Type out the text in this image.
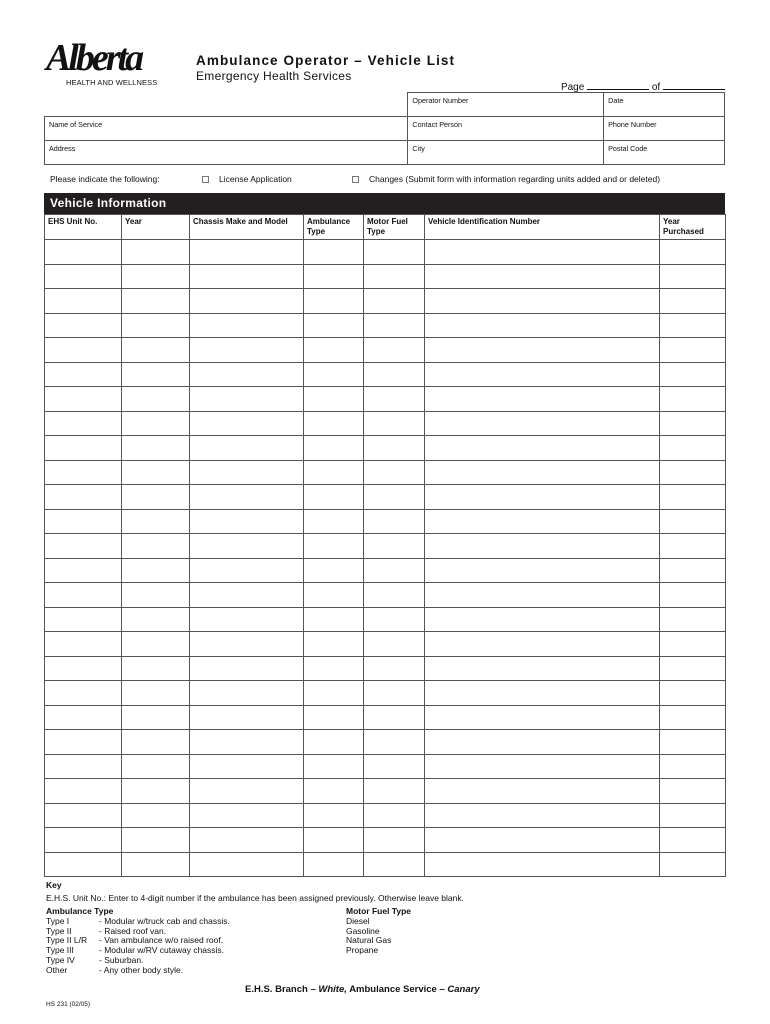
Alberta
HEALTH AND WELLNESS
Ambulance Operator – Vehicle List
Emergency Health Services
Page	of
	Operator Number	Date
Name of Service	Contact Person	Phone Number
Address	City	Postal Code
Please indicate the following:	License Application	Changes (Submit form with information regarding units added and or deleted)
Vehicle Information
EHS Unit No.	Year	Chassis Make and Model	Ambulance Type	Motor Fuel Type	Vehicle Identification Number	Year Purchased

Key
E.H.S. Unit No.: Enter to 4-digit number if the ambulance has been assigned previously. Otherwise leave blank.
Ambulance Type
Type I	- Modular w/truck cab and chassis.
Type II	- Raised roof van.
Type II L/R	- Van ambulance w/o raised roof.
Type III	- Modular w/RV cutaway chassis.
Type IV	- Suburban.
Other	- Any other body style.
Motor Fuel Type
Diesel
Gasoline
Natural Gas
Propane
E.H.S. Branch – White, Ambulance Service – Canary
HS 231 (02/05)
